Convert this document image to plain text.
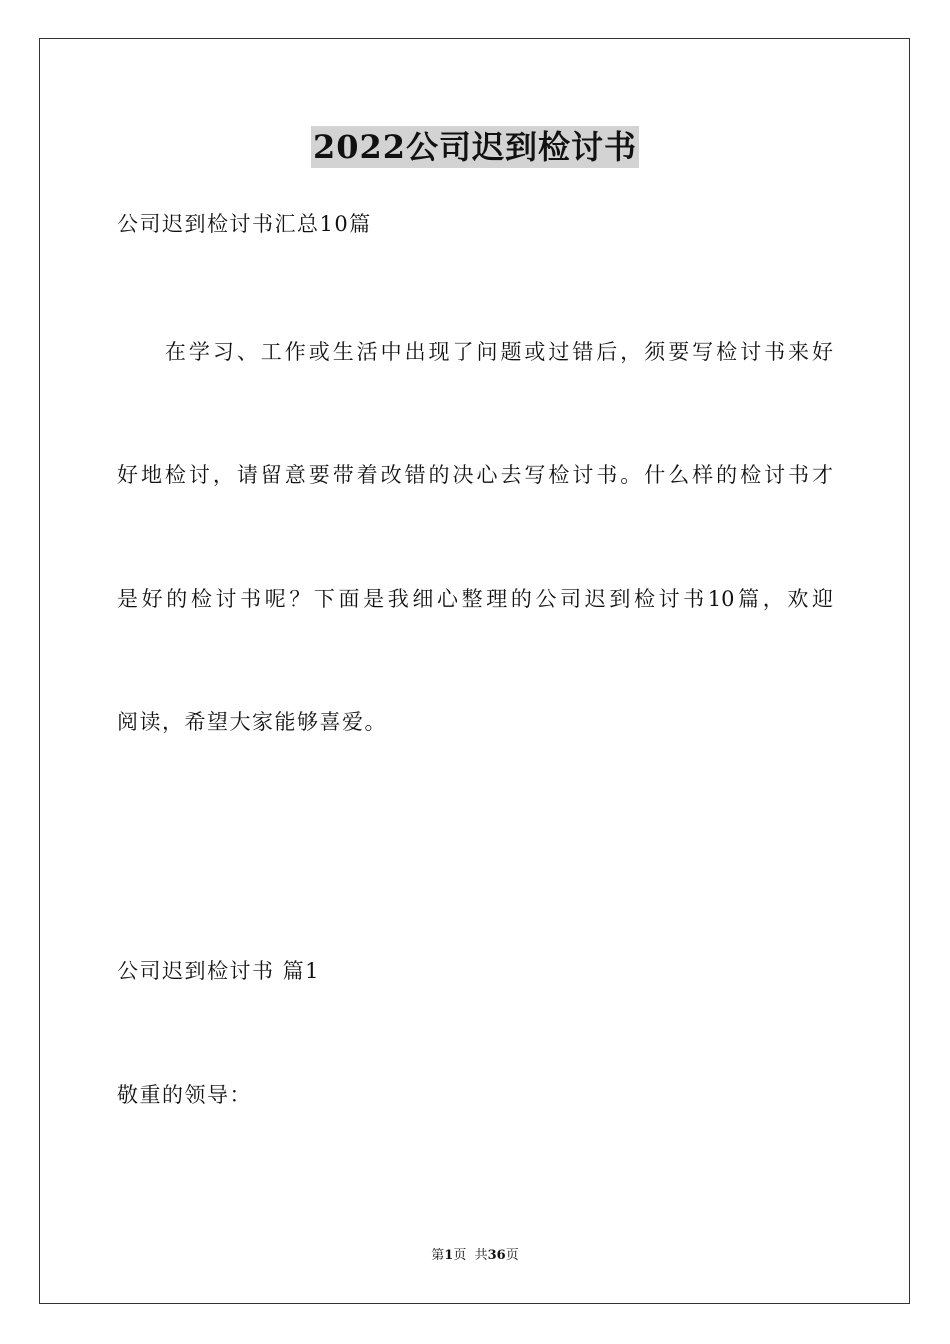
2022公司迟到检讨书
公司迟到检讨书汇总10篇
　　在学习、工作或生活中出现了问题或过错后，须要写检讨书来好
好地检讨，请留意要带着改错的决心去写检讨书。什么样的检讨书才
是好的检讨书呢？下面是我细心整理的公司迟到检讨书10篇，欢迎
阅读，希望大家能够喜爱。
公司迟到检讨书 篇1
敬重的领导：
第1页  共36页
